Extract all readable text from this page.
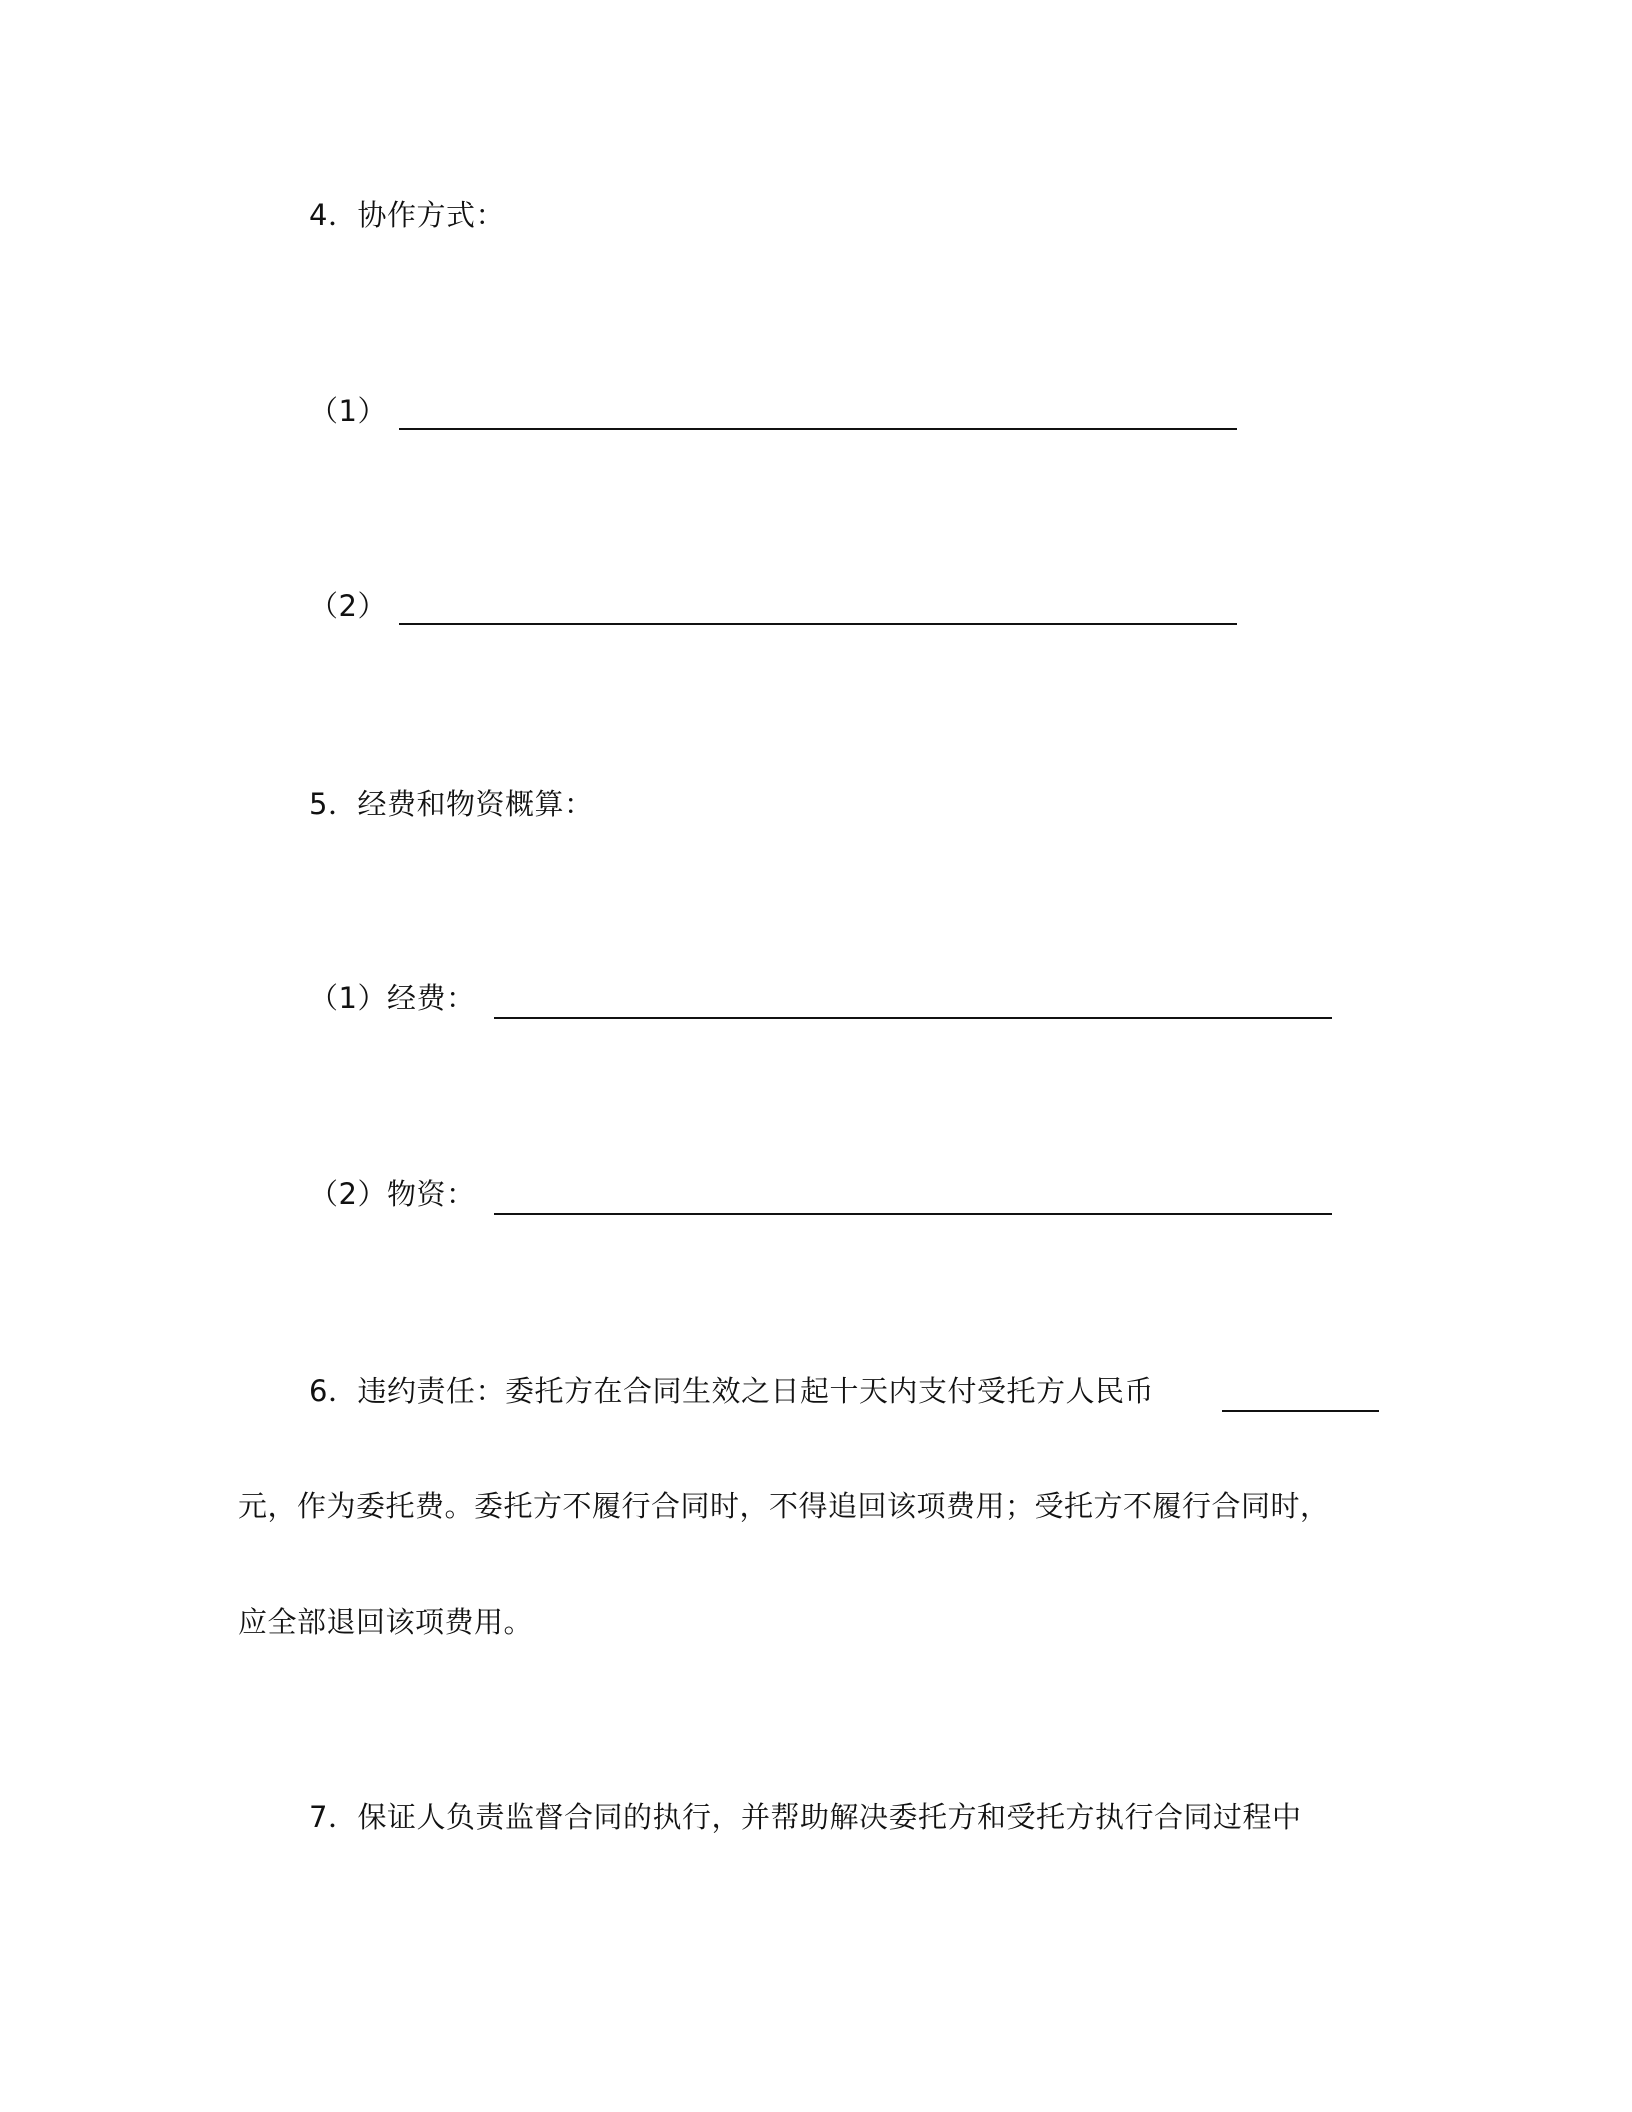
4．协作方式：
（1）
（2）
5．经费和物资概算：
（1）经费：
（2）物资：
6．违约责任：委托方在合同生效之日起十天内支付受托方人民币
元，作为委托费。委托方不履行合同时，不得追回该项费用；受托方不履行合同时，
应全部退回该项费用。
7．保证人负责监督合同的执行，并帮助解决委托方和受托方执行合同过程中
